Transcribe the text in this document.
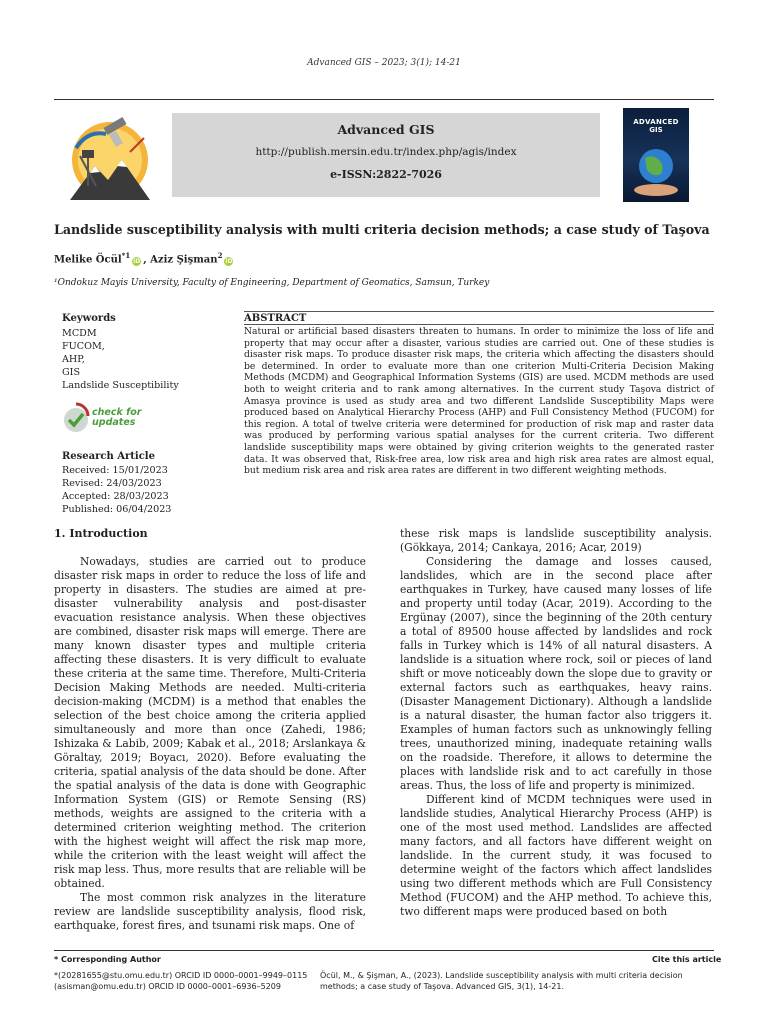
Advanced GIS – 2023; 3(1); 14-21
Advanced GIS
http://publish.mersin.edu.tr/index.php/agis/index
e-ISSN:2822-7026
ADVANCED
GIS
Landslide susceptibility analysis with multi criteria decision methods; a case study of Taşova
Melike Öcül$^{*1}$iD , Aziz Şişman$^2$iD
¹Ondokuz Mayis University, Faculty of Engineering, Department of Geomatics, Samsun, Turkey
Keywords
MCDM
FUCOM,
AHP,
GIS
Landslide Susceptibility
check for
updates
Research Article
Received: 15/01/2023
Revised: 24/03/2023
Accepted: 28/03/2023
Published: 06/04/2023
ABSTRACT
Natural or artificial based disasters threaten to humans. In order to minimize the loss of life and property that may occur after a disaster, various studies are carried out. One of these studies is disaster risk maps. To produce disaster risk maps, the criteria which affecting the disasters should be determined. In order to evaluate more than one criterion Multi-Criteria Decision Making Methods (MCDM) and Geographical Information Systems (GIS) are used. MCDM methods are used both to weight criteria and to rank among alternatives. In the current study Taşova district of Amasya province is used as study area and two different Landslide Susceptibility Maps were produced based on Analytical Hierarchy Process (AHP) and Full Consistency Method (FUCOM) for this region. A total of twelve criteria were determined for production of risk map and raster data was produced by performing various spatial analyses for the current criteria. Two different landslide susceptibility maps were obtained by giving criterion weights to the generated raster data. It was observed that, Risk-free area, low risk area and high risk area rates are almost equal, but medium risk area and risk area rates are different in two different weighting methods.
1. Introduction

Nowadays, studies are carried out to produce disaster risk maps in order to reduce the loss of life and property in disasters. The studies are aimed at pre-disaster vulnerability analysis and post-disaster evacuation resistance analysis. When these objectives are combined, disaster risk maps will emerge. There are many known disaster types and multiple criteria affecting these disasters. It is very difficult to evaluate these criteria at the same time. Therefore, Multi-Criteria Decision Making Methods are needed. Multi-criteria decision-making (MCDM) is a method that enables the selection of the best choice among the criteria applied simultaneously and more than once (Zahedi, 1986; Ishizaka & Labib, 2009; Kabak et al., 2018; Arslankaya & Göraltay, 2019; Boyacı, 2020). Before evaluating the criteria, spatial analysis of the data should be done. After the spatial analysis of the data is done with Geographic Information System (GIS) or Remote Sensing (RS) methods, weights are assigned to the criteria with a determined criterion weighting method. The criterion with the highest weight will affect the risk map more, while the criterion with the least weight will affect the risk map less. Thus, more results that are reliable will be obtained.

The most common risk analyzes in the literature review are landslide susceptibility analysis, flood risk, earthquake, forest fires, and tsunami risk maps. One of

these risk maps is landslide susceptibility analysis. (Gökkaya, 2014; Cankaya, 2016; Acar, 2019)

Considering the damage and losses caused, landslides, which are in the second place after earthquakes in Turkey, have caused many losses of life and property until today (Acar, 2019). According to the Ergünay (2007), since the beginning of the 20th century a total of 89500 house affected by landslides and rock falls in Turkey which is 14% of all natural disasters. A landslide is a situation where rock, soil or pieces of land shift or move noticeably down the slope due to gravity or external factors such as earthquakes, heavy rains. (Disaster Management Dictionary). Although a landslide is a natural disaster, the human factor also triggers it. Examples of human factors such as unknowingly felling trees, unauthorized mining, inadequate retaining walls on the roadside. Therefore, it allows to determine the places with landslide risk and to act carefully in those areas. Thus, the loss of life and property is minimized.

Different kind of MCDM techniques were used in landslide studies, Analytical Hierarchy Process (AHP) is one of the most used method. Landslides are affected many factors, and all factors have different weight on landslide. In the current study, it was focused to determine weight of the factors which affect landslides using two different methods which are Full Consistency Method (FUCOM) and the AHP method. To achieve this, two different maps were produced based on both

* Corresponding Author	Cite this article
*(20281655@stu.omu.edu.tr) ORCID ID 0000–0001–9949–0115
(asisman@omu.edu.tr) ORCID ID 0000–0001–6936–5209
Öcül, M., & Şişman, A., (2023). Landslide susceptibility analysis with multi criteria decision methods; a case study of Taşova. Advanced GIS, 3(1), 14-21.
